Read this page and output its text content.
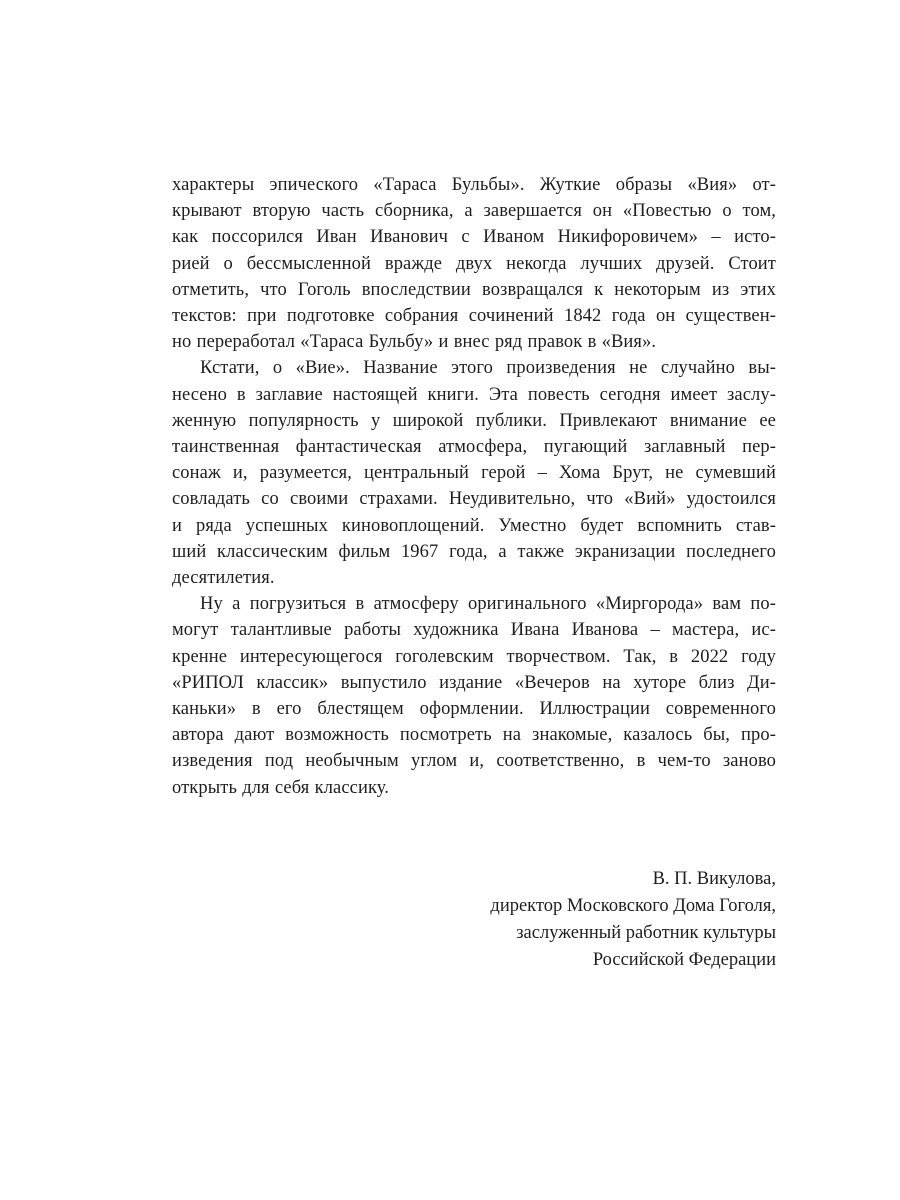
характеры эпического «Тараса Бульбы». Жуткие образы «Вия» от-
крывают вторую часть сборника, а завершается он «Повестью о том,
как поссорился Иван Иванович с Иваном Никифоровичем» – исто-
рией о бессмысленной вражде двух некогда лучших друзей. Стоит
отметить, что Гоголь впоследствии возвращался к некоторым из этих
текстов: при подготовке собрания сочинений 1842 года он существен-
но переработал «Тараса Бульбу» и внес ряд правок в «Вия».

Кстати, о «Вие». Название этого произведения не случайно вы-
несено в заглавие настоящей книги. Эта повесть сегодня имеет заслу-
женную популярность у широкой публики. Привлекают внимание ее
таинственная фантастическая атмосфера, пугающий заглавный пер-
сонаж и, разумеется, центральный герой – Хома Брут, не сумевший
совладать со своими страхами. Неудивительно, что «Вий» удостоился
и ряда успешных киновоплощений. Уместно будет вспомнить став-
ший классическим фильм 1967 года, а также экранизации последнего
десятилетия.

Ну а погрузиться в атмосферу оригинального «Миргорода» вам по-
могут талантливые работы художника Ивана Иванова – мастера, ис-
кренне интересующегося гоголевским творчеством. Так, в 2022 году
«РИПОЛ классик» выпустило издание «Вечеров на хуторе близ Ди-
каньки» в его блестящем оформлении. Иллюстрации современного
автора дают возможность посмотреть на знакомые, казалось бы, про-
изведения под необычным углом и, соответственно, в чем-то заново
открыть для себя классику.

В. П. Викулова,
директор Московского Дома Гоголя,
заслуженный работник культуры
Российской Федерации
